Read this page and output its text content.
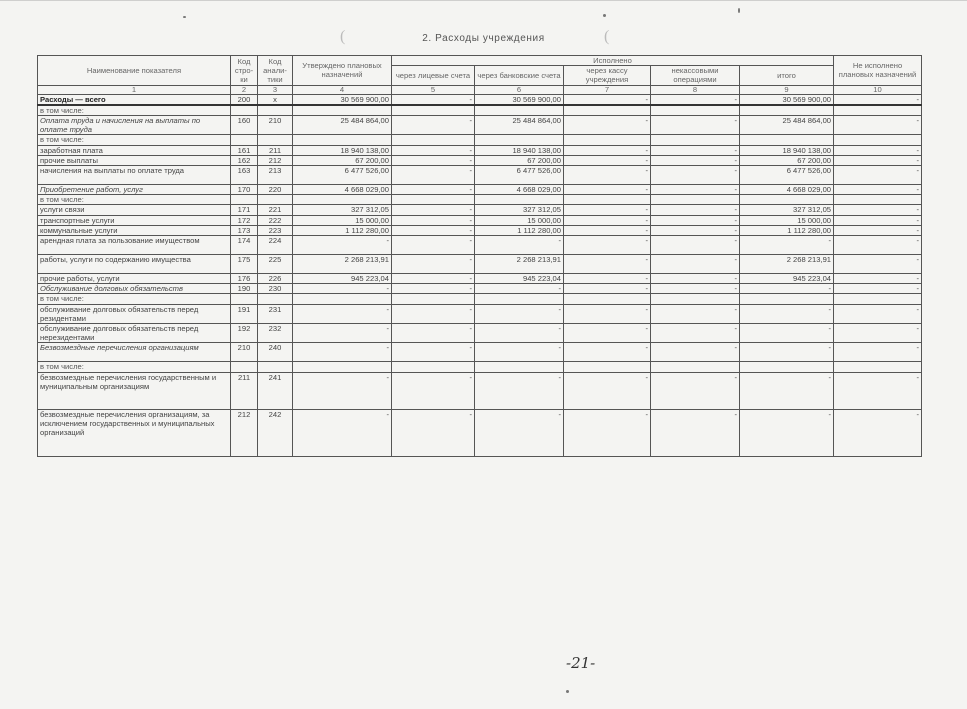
(	(
2. Расходы учреждения
Наименование показателя	Код стро-ки	Код анали-тики	Утверждено плановых назначений	Исполнено					Не исполнено плановых назначений
				через лицевые счета	через банковские счета	через кассу учреждения	некассовыми операциями	итого	
1	2	3	4	5	6	7	8	9	10
Расходы — всего	200	x	30 569 900,00	-	30 569 900,00	-	-	30 569 900,00	-
в том числе:									
Оплата труда и начисления на выплаты по оплате труда	160	210	25 484 864,00	-	25 484 864,00	-	-	25 484 864,00	-
в том числе:									
заработная плата	161	211	18 940 138,00	-	18 940 138,00	-	-	18 940 138,00	-
прочие выплаты	162	212	67 200,00	-	67 200,00	-	-	67 200,00	-
начисления на выплаты по оплате труда	163	213	6 477 526,00	-	6 477 526,00	-	-	6 477 526,00	-
Приобретение работ, услуг	170	220	4 668 029,00	-	4 668 029,00	-	-	4 668 029,00	-
в том числе:									
услуги связи	171	221	327 312,05	-	327 312,05	-	-	327 312,05	-
транспортные услуги	172	222	15 000,00	-	15 000,00	-	-	15 000,00	-
коммунальные услуги	173	223	1 112 280,00	-	1 112 280,00	-	-	1 112 280,00	-
арендная плата за пользование имуществом	174	224	-	-	-	-	-	-	-
работы, услуги по содержанию имущества	175	225	2 268 213,91	-	2 268 213,91	-	-	2 268 213,91	-
прочие работы, услуги	176	226	945 223,04	-	945 223,04	-	-	945 223,04	-
Обслуживание долговых обязательств	190	230	-	-	-	-	-	-	-
в том числе:									
обслуживание долговых обязательств перед резидентами	191	231	-	-	-	-	-	-	-
обслуживание долговых обязательств перед нерезидентами	192	232	-	-	-	-	-	-	-
Безвозмездные перечисления организациям	210	240	-	-	-	-	-	-	-
в том числе:									
безвозмездные перечисления государственным и муниципальным организациям	211	241	-	-	-	-	-	-	-
безвозмездные перечисления организациям, за исключением государственных и муниципальных организаций	212	242	-	-	-	-	-	-	-
-21-
